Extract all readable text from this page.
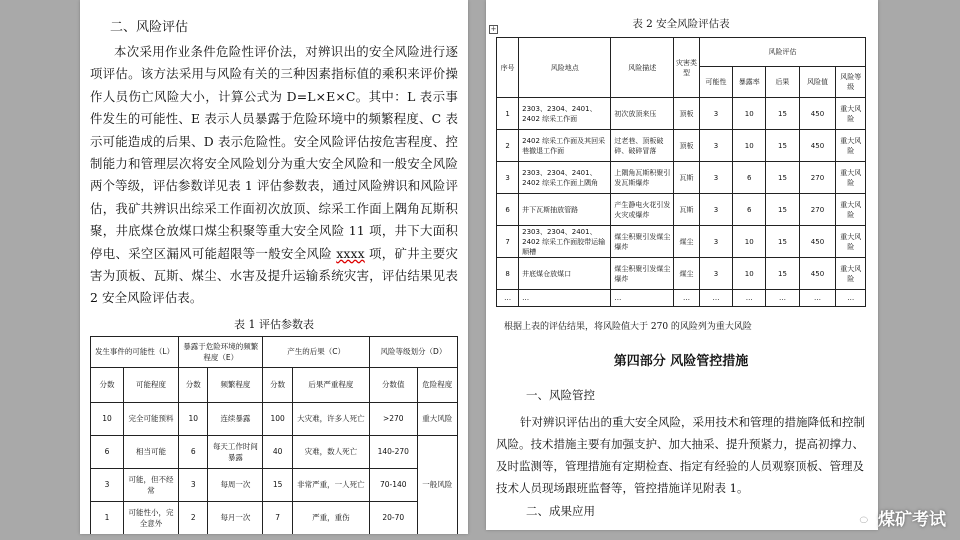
二、风险评估

本次采用作业条件危险性评价法，对辨识出的安全风险进行逐项评估。该方法采用与风险有关的三种因素指标值的乘积来评价操作人员伤亡风险大小，计算公式为 D=L×E×C。其中：L 表示事件发生的可能性、E 表示人员暴露于危险环境中的频繁程度、C 表示可能造成的后果、D 表示危险性。安全风险评估按危害程度、控制能力和管理层次将安全风险划分为重大安全风险和一般安全风险两个等级，评估参数详见表 1 评估参数表，通过风险辨识和风险评估，我矿共辨识出综采工作面初次放顶、综采工作面上隅角瓦斯积聚，井底煤仓放煤口煤尘积聚等重大安全风险 11 项，井下大面积停电、采空区漏风可能超限等一般安全风险 xxxx 项，矿井主要灾害为顶板、瓦斯、煤尘、水害及提升运输系统灾害，评估结果见表 2 安全风险评估表。

表 1 评估参数表
发生事件的可能性（L）		暴露于危险环境的频繁程度（E）		产生的后果（C）		风险等级划分（D）	
分数	可能程度	分数	频繁程度	分数	后果严重程度	分数值	危险程度
10	完全可能预料	10	连续暴露	100	大灾难，许多人死亡	>270	重大风险
6	相当可能	6	每天工作时间暴露	40	灾难，数人死亡	140-270	一般风险
3	可能，但不经常	3	每周一次	15	非常严重，一人死亡	70-140	
1	可能性小，完全意外	2	每月一次	7	严重，重伤	20-70	
+	表 2 安全风险评估表
序号	风险地点	风险描述	灾害类型	风险评估				
				可能性	暴露率	后果	风险值	风险等级
1	2303、2304、2401、2402 综采工作面	初次放顶来压	顶板	3	10	15	450	重大风险
2	2402 综采工作面及其回采巷撤退工作面	过老巷、顶板破碎、破碎冒落	顶板	3	10	15	450	重大风险
3	2303、2304、2401、2402 综采工作面上隅角	上隅角瓦斯积聚引发瓦斯爆炸	瓦斯	3	6	15	270	重大风险
6	井下瓦斯抽放管路	产生静电火花引发火灾或爆炸	瓦斯	3	6	15	270	重大风险
7	2303、2304、2401、2402 综采工作面胶带运输顺槽	煤尘积聚引发煤尘爆炸	煤尘	3	10	15	450	重大风险
8	井底煤仓放煤口	煤尘积聚引发煤尘爆炸	煤尘	3	10	15	450	重大风险
…	…	…	…	…	…	…	…	…
根据上表的评估结果，将风险值大于 270 的风险列为重大风险
第四部分 风险管控措施
一、风险管控

针对辨识评估出的重大安全风险，采用技术和管理的措施降低和控制风险。技术措施主要有加强支护、加大抽采、提升预紧力，提高初撑力、及时监测等，管理措施有定期检查、指定有经验的人员观察顶板、管理及技术人员现场跟班监督等，管控措施详见附表 1。

二、成果应用	煤矿考试
